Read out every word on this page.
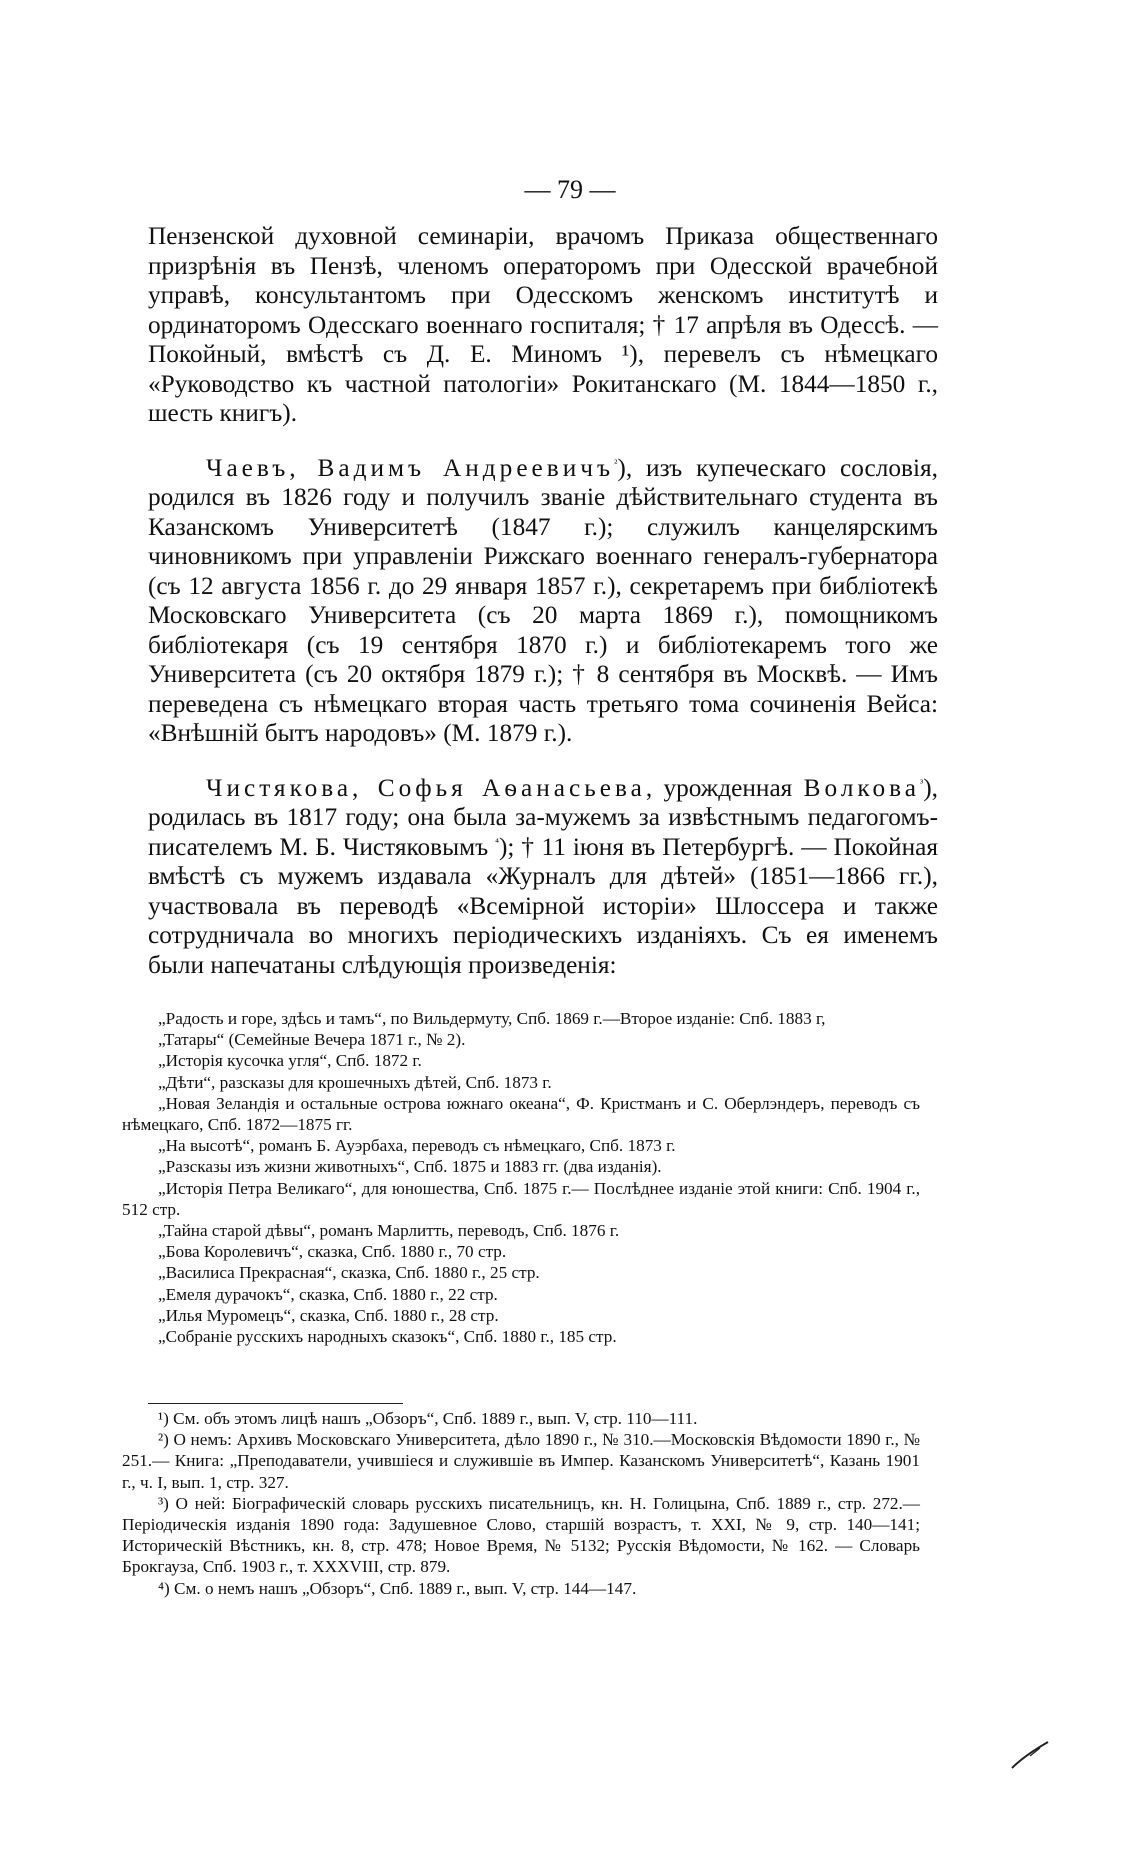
— 79 —

Пензенской духовной семинаріи, врачомъ Приказа общественнаго призрѣнія въ Пензѣ, членомъ операторомъ при Одесской врачебной управѣ, консультантомъ при Одесскомъ женскомъ институтѣ и ординаторомъ Одесскаго военнаго госпиталя; † 17 апрѣля въ Одессѣ. — Покойный, вмѣстѣ съ Д. Е. Миномъ ¹), перевелъ съ нѣмецкаго «Руководство къ частной патологіи» Рокитанскаго (М. 1844—1850 г., шесть книгъ).

Чаевъ, Вадимъ Андреевичъ$^{^2}$), изъ купеческаго сословія, родился въ 1826 году и получилъ званіе дѣйствительнаго студента въ Казанскомъ Университетѣ (1847 г.); служилъ канцелярскимъ чиновникомъ при управленіи Рижскаго военнаго генералъ-губернатора (съ 12 августа 1856 г. до 29 января 1857 г.), секретаремъ при библіотекѣ Московскаго Университета (съ 20 марта 1869 г.), помощникомъ библіотекаря (съ 19 сентября 1870 г.) и библіотекаремъ того же Университета (съ 20 октября 1879 г.); † 8 сентября въ Москвѣ. — Имъ переведена съ нѣмецкаго вторая часть третьяго тома сочиненія Вейса: «Внѣшній бытъ народовъ» (М. 1879 г.).

Чистякова, Софья Аѳанасьева, урожденная Волкова$^{^3}$), родилась въ 1817 году; она была за-мужемъ за извѣстнымъ педагогомъ-писателемъ М. Б. Чистяковымъ $^{^4}$); † 11 іюня въ Петербургѣ. — Покойная вмѣстѣ съ мужемъ издавала «Журналъ для дѣтей» (1851—1866 гг.), участвовала въ переводѣ «Всемірной исторіи» Шлоссера и также сотрудничала во многихъ періодическихъ изданіяхъ. Съ ея именемъ были напечатаны слѣдующія произведенія:

„Радость и горе, здѣсь и тамъ“, по Вильдермуту, Спб. 1869 г.—Второе изданіе: Спб. 1883 г,

„Татары“ (Семейные Вечера 1871 г., № 2).

„Исторія кусочка угля“, Спб. 1872 г.

„Дѣти“, разсказы для крошечныхъ дѣтей, Спб. 1873 г.

„Новая Зеландія и остальные острова южнаго океана“, Ф. Кристманъ и С. Оберлэндеръ, переводъ съ нѣмецкаго, Спб. 1872—1875 гг.

„На высотѣ“, романъ Б. Ауэрбаха, переводъ съ нѣмецкаго, Спб. 1873 г.

„Разсказы изъ жизни животныхъ“, Спб. 1875 и 1883 гг. (два изданія).

„Исторія Петра Великаго“, для юношества, Спб. 1875 г.— Послѣднее изданіе этой книги: Спб. 1904 г., 512 стр.

„Тайна старой дѣвы“, романъ Марлитть, переводъ, Спб. 1876 г.

„Бова Королевичъ“, сказка, Спб. 1880 г., 70 стр.

„Василиса Прекрасная“, сказка, Спб. 1880 г., 25 стр.

„Емеля дурачокъ“, сказка, Спб. 1880 г., 22 стр.

„Илья Муромецъ“, сказка, Спб. 1880 г., 28 стр.

„Собраніе русскихъ народныхъ сказокъ“, Спб. 1880 г., 185 стр.

¹) См. объ этомъ лицѣ нашъ „Обзоръ“, Спб. 1889 г., вып. V, стр. 110—111.

²) О немъ: Архивъ Московскаго Университета, дѣло 1890 г., № 310.—Московскія Вѣдомости 1890 г., № 251.— Книга: „Преподаватели, учившіеся и служившіе въ Импер. Казанскомъ Университетѣ“, Казань 1901 г., ч. I, вып. 1, стр. 327.

³) О ней: Біографическій словарь русскихъ писательницъ, кн. Н. Голицына, Спб. 1889 г., стр. 272.— Періодическія изданія 1890 года: Задушевное Слово, старшій возрастъ, т. XXI, № 9, стр. 140—141; Историческій Вѣстникъ, кн. 8, стр. 478; Новое Время, № 5132; Русскія Вѣдомости, № 162. — Словарь Брокгауза, Спб. 1903 г., т. XXXVIII, стр. 879.

⁴) См. о немъ нашъ „Обзоръ“, Спб. 1889 г., вып. V, стр. 144—147.
